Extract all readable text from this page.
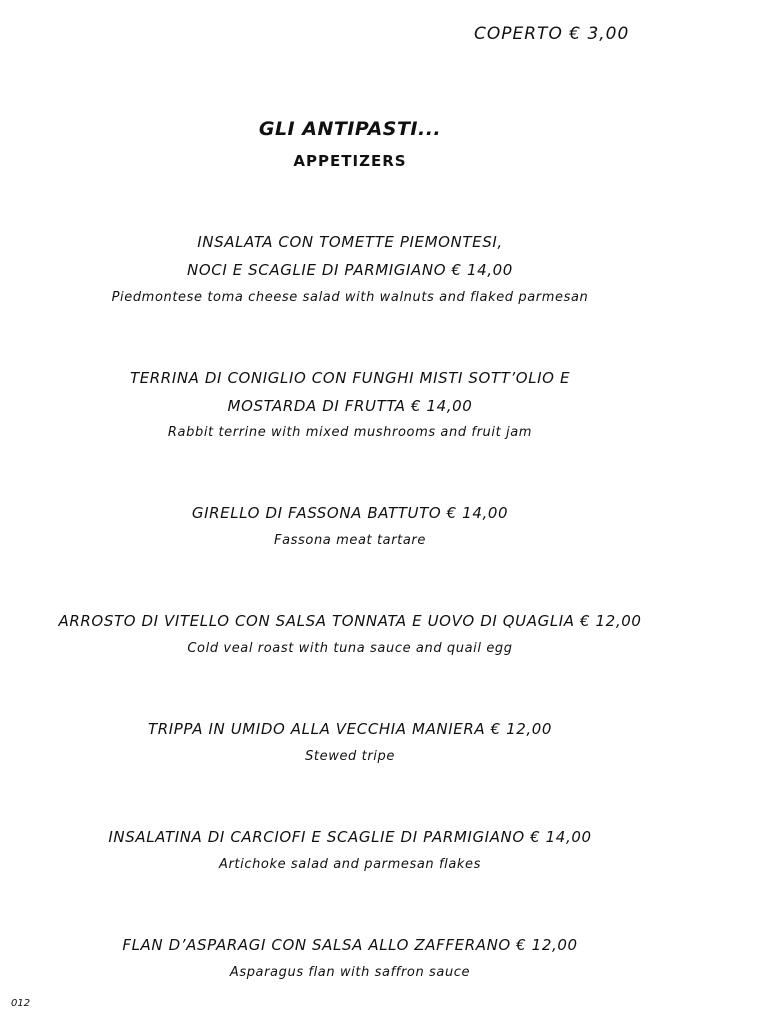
COPERTO € 3,00
GLI ANTIPASTI...
APPETIZERS
INSALATA CON TOMETTE PIEMONTESI,
NOCI E SCAGLIE DI PARMIGIANO € 14,00
Piedmontese toma cheese salad with walnuts and flaked parmesan
TERRINA DI CONIGLIO CON FUNGHI MISTI SOTT’OLIO E
MOSTARDA DI FRUTTA € 14,00
Rabbit terrine with mixed mushrooms and fruit jam
GIRELLO DI FASSONA BATTUTO € 14,00
Fassona meat tartare
ARROSTO DI VITELLO CON SALSA TONNATA E UOVO DI QUAGLIA € 12,00
Cold veal roast with tuna sauce and quail egg
TRIPPA IN UMIDO ALLA VECCHIA MANIERA € 12,00
Stewed tripe
INSALATINA DI CARCIOFI E SCAGLIE DI PARMIGIANO € 14,00
Artichoke salad and parmesan flakes
FLAN D’ASPARAGI CON SALSA ALLO ZAFFERANO € 12,00
Asparagus flan with saffron sauce
012
